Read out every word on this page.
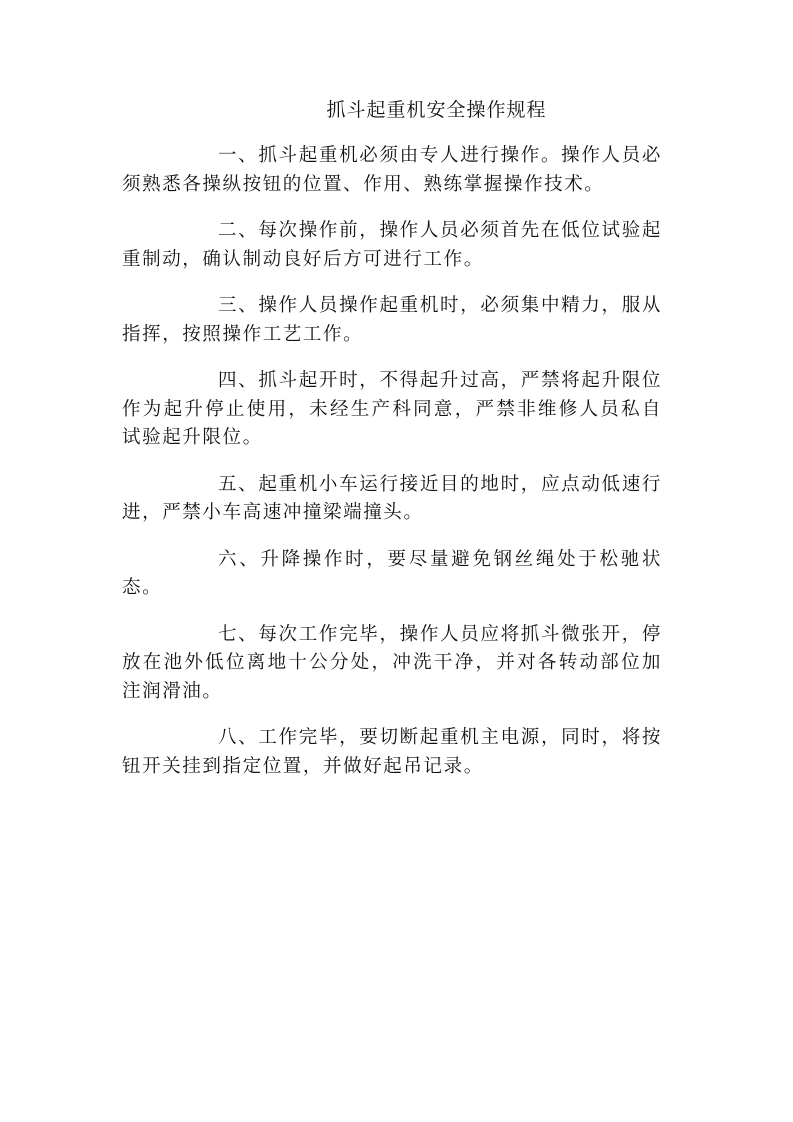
抓斗起重机安全操作规程

一、抓斗起重机必须由专人进行操作。操作人员必须熟悉各操纵按钮的位置、作用、熟练掌握操作技术。

二、每次操作前，操作人员必须首先在低位试验起重制动，确认制动良好后方可进行工作。

三、操作人员操作起重机时，必须集中精力，服从指挥，按照操作工艺工作。

四、抓斗起开时，不得起升过高，严禁将起升限位作为起升停止使用，未经生产科同意，严禁非维修人员私自试验起升限位。

五、起重机小车运行接近目的地时，应点动低速行进，严禁小车高速冲撞梁端撞头。

六、升降操作时，要尽量避免钢丝绳处于松驰状态。

七、每次工作完毕，操作人员应将抓斗微张开，停放在池外低位离地十公分处，冲洗干净，并对各转动部位加注润滑油。

八、工作完毕，要切断起重机主电源，同时，将按钮开关挂到指定位置，并做好起吊记录。
